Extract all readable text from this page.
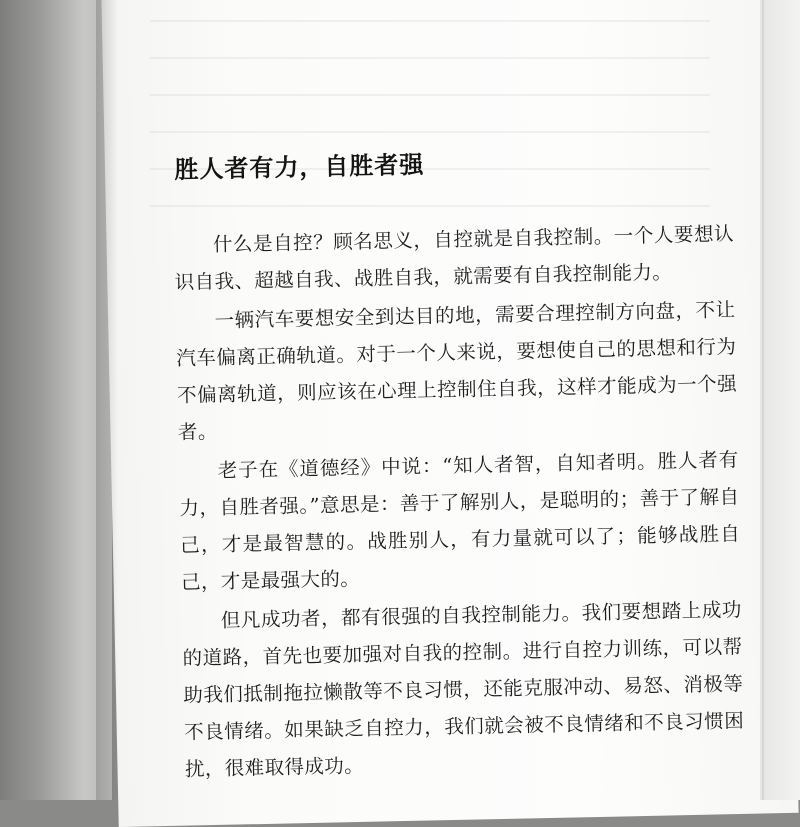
胜人者有力，自胜者强

什么是自控？顾名思义，自控就是自我控制。一个人要想认识自我、超越自我、战胜自我，就需要有自我控制能力。

一辆汽车要想安全到达目的地，需要合理控制方向盘，不让汽车偏离正确轨道。对于一个人来说，要想使自己的思想和行为不偏离轨道，则应该在心理上控制住自我，这样才能成为一个强者。

老子在《道德经》中说：“知人者智，自知者明。胜人者有力，自胜者强。”意思是：善于了解别人，是聪明的；善于了解自己，才是最智慧的。战胜别人，有力量就可以了；能够战胜自己，才是最强大的。

但凡成功者，都有很强的自我控制能力。我们要想踏上成功的道路，首先也要加强对自我的控制。进行自控力训练，可以帮助我们抵制拖拉懒散等不良习惯，还能克服冲动、易怒、消极等不良情绪。如果缺乏自控力，我们就会被不良情绪和不良习惯困扰，很难取得成功。
